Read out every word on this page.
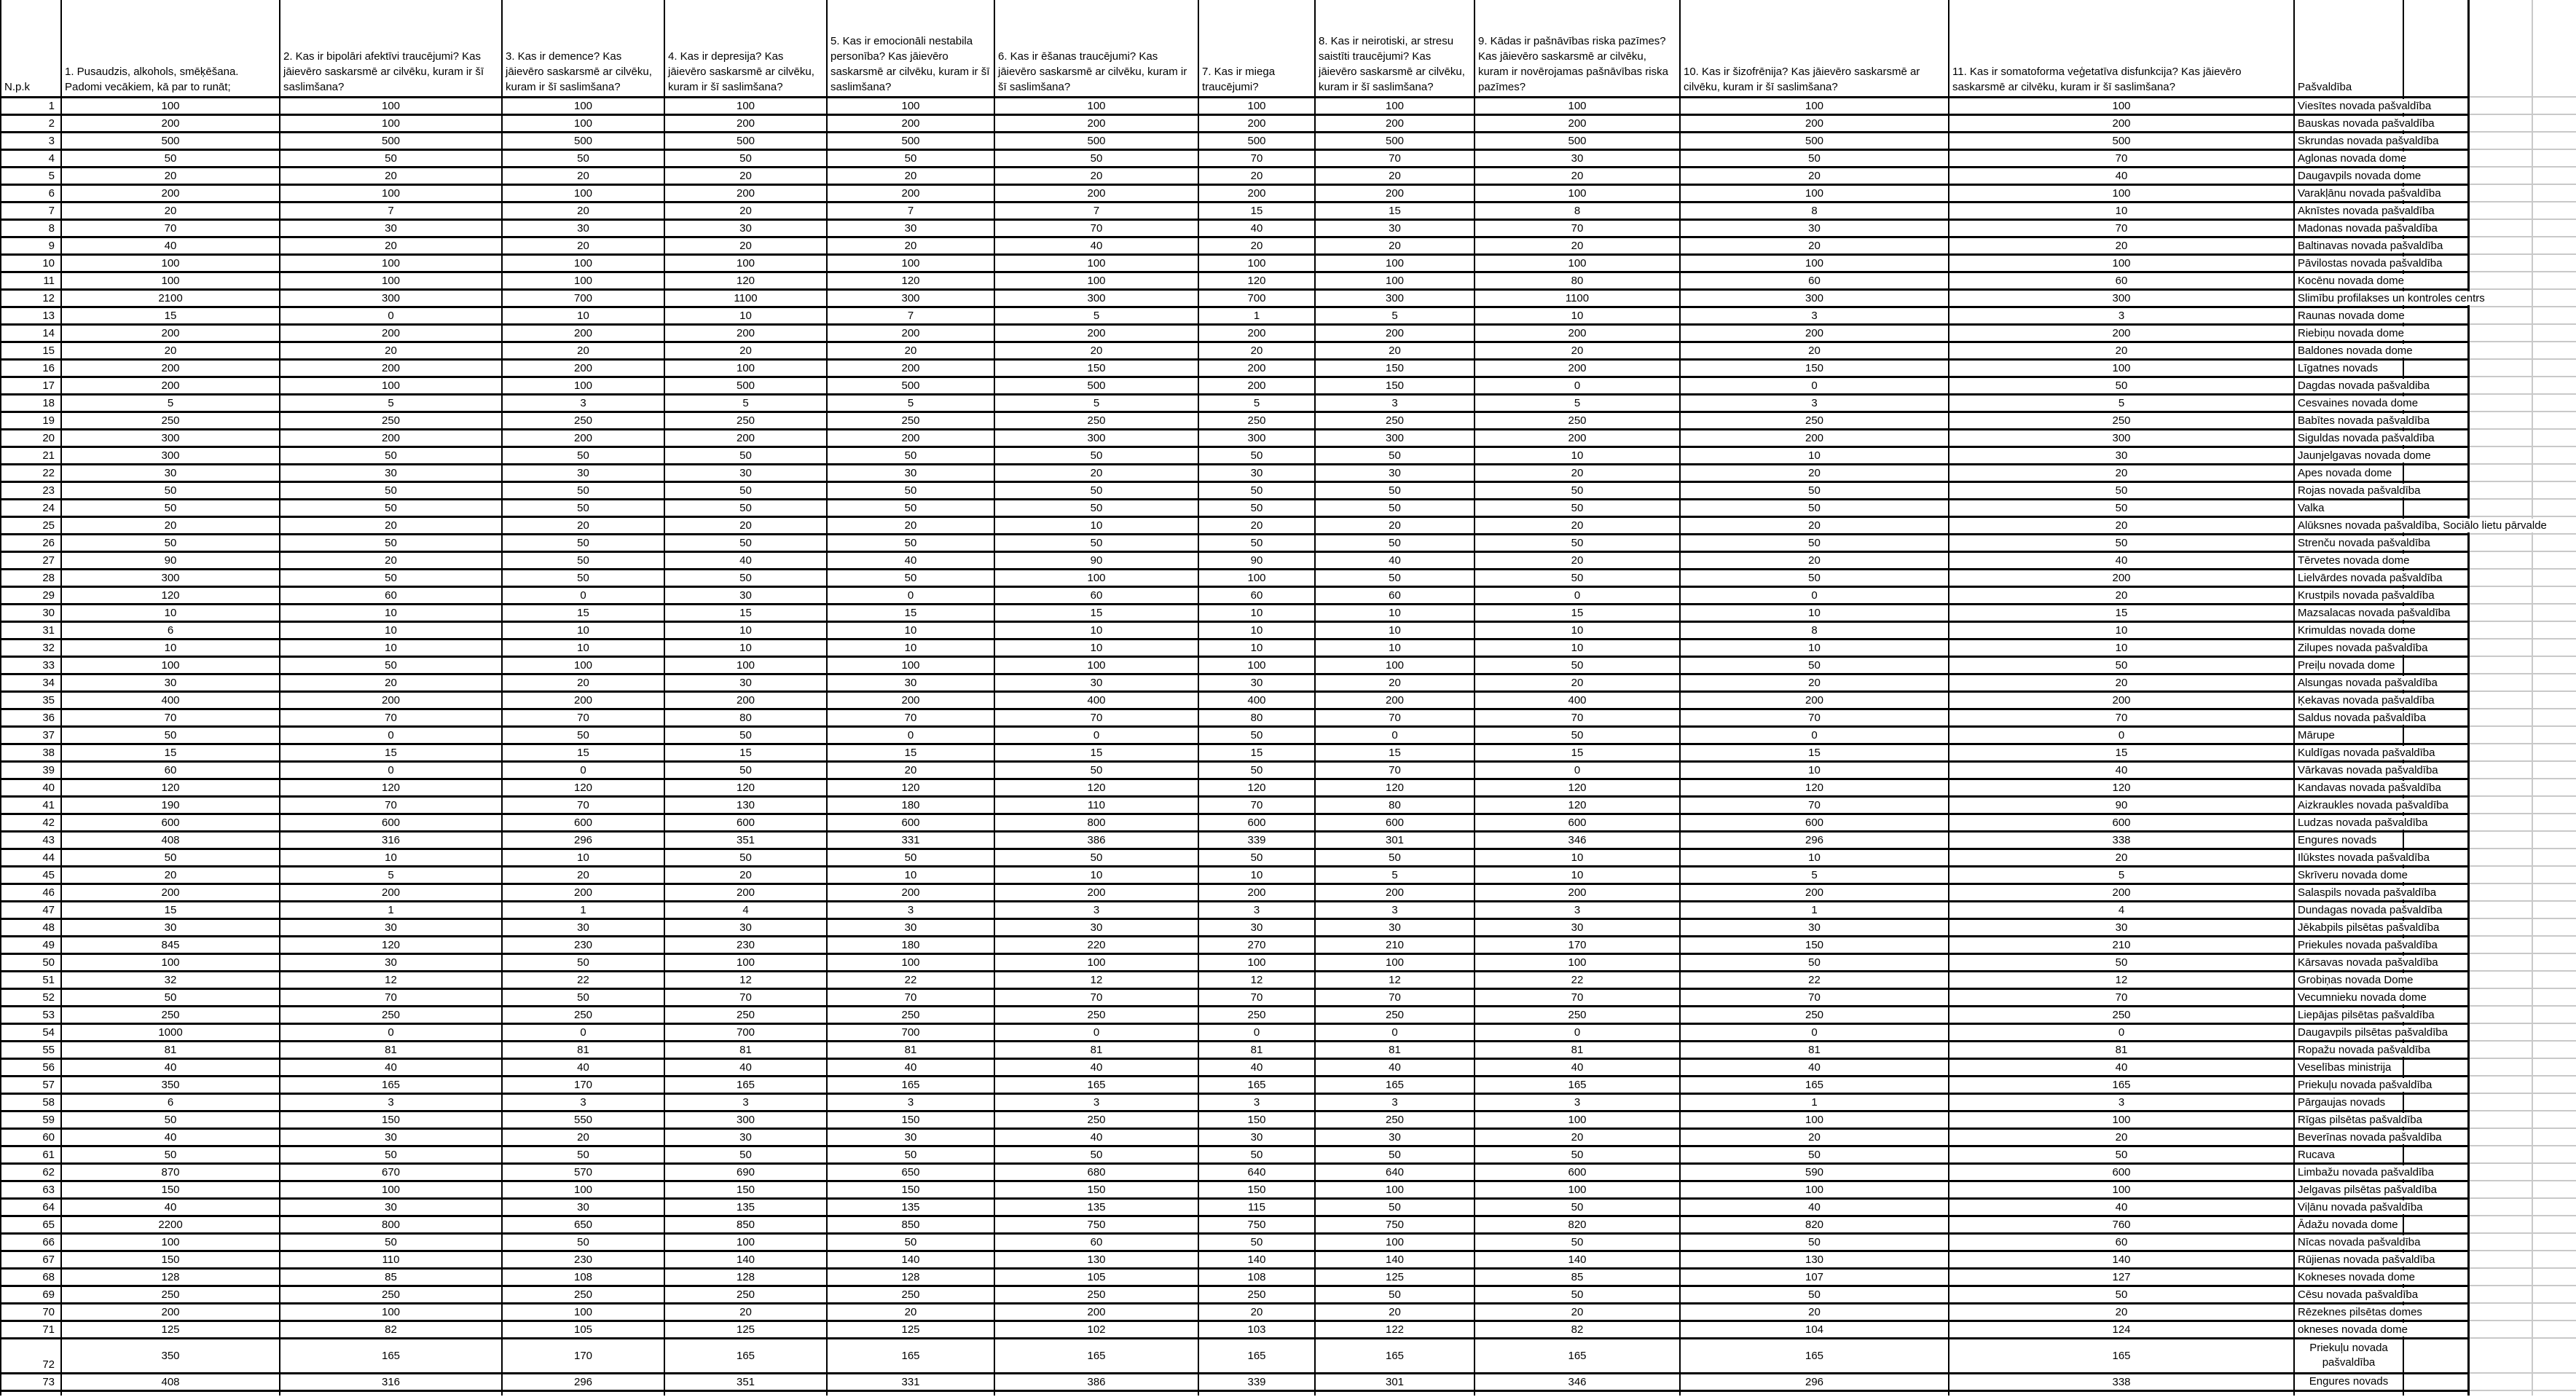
N.p.k	1. Pusaudzis, alkohols, smēķēšana. Padomi vecākiem, kā par to runāt;	2. Kas ir bipolāri afektīvi traucējumi? Kas jāievēro saskarsmē ar cilvēku, kuram ir šī saslimšana?	3. Kas ir demence? Kas jāievēro saskarsmē ar cilvēku, kuram ir šī saslimšana?	4. Kas ir depresija? Kas jāievēro saskarsmē ar cilvēku, kuram ir šī saslimšana?	5. Kas ir emocionāli nestabila personība? Kas jāievēro saskarsmē ar cilvēku, kuram ir šī saslimšana?	6. Kas ir ēšanas traucējumi? Kas jāievēro saskarsmē ar cilvēku, kuram ir šī saslimšana?	7. Kas ir miega traucējumi?	8. Kas ir neirotiski, ar stresu saistīti traucējumi? Kas jāievēro saskarsmē ar cilvēku, kuram ir šī saslimšana?	9. Kādas ir pašnāvības riska pazīmes? Kas jāievēro saskarsmē ar cilvēku, kuram ir novērojamas pašnāvības riska pazīmes?	10. Kas ir šizofrēnija? Kas jāievēro saskarsmē ar cilvēku, kuram ir šī saslimšana?	11. Kas ir somatoforma veģetatīva disfunkcija? Kas jāievēro saskarsmē ar cilvēku, kuram ir šī saslimšana?	Pašvaldība			
1	100	100	100	100	100	100	100	100	100	100	100	Viesītes novada pašvaldība			
2	200	100	100	200	200	200	200	200	200	200	200	Bauskas novada pašvaldība			
3	500	500	500	500	500	500	500	500	500	500	500	Skrundas novada pašvaldība			
4	50	50	50	50	50	50	70	70	30	50	70	Aglonas novada dome			
5	20	20	20	20	20	20	20	20	20	20	40	Daugavpils novada dome			
6	200	100	100	200	200	200	200	200	100	100	100	Varakļānu novada pašvaldība			
7	20	7	20	20	7	7	15	15	8	8	10	Aknīstes novada pašvaldība			
8	70	30	30	30	30	70	40	30	70	30	70	Madonas novada pašvaldība			
9	40	20	20	20	20	40	20	20	20	20	20	Baltinavas novada pašvaldība			
10	100	100	100	100	100	100	100	100	100	100	100	Pāvilostas novada pašvaldība			
11	100	100	100	120	120	100	120	100	80	60	60	Kocēnu novada dome			
12	2100	300	700	1100	300	300	700	300	1100	300	300	Slimību profilakses un kontroles centrs			
13	15	0	10	10	7	5	1	5	10	3	3	Raunas novada dome			
14	200	200	200	200	200	200	200	200	200	200	200	Riebiņu novada dome			
15	20	20	20	20	20	20	20	20	20	20	20	Baldones novada dome			
16	200	200	200	100	200	150	200	150	200	150	100	Līgatnes novads			
17	200	100	100	500	500	500	200	150	0	0	50	Dagdas novada pašvaldiba			
18	5	5	3	5	5	5	5	3	5	3	5	Cesvaines novada dome			
19	250	250	250	250	250	250	250	250	250	250	250	Babītes novada pašvaldība			
20	300	200	200	200	200	300	300	300	200	200	300	Siguldas novada pašvaldība			
21	300	50	50	50	50	50	50	50	10	10	30	Jaunjelgavas novada dome			
22	30	30	30	30	30	20	30	30	20	20	20	Apes novada dome			
23	50	50	50	50	50	50	50	50	50	50	50	Rojas novada pašvaldība			
24	50	50	50	50	50	50	50	50	50	50	50	Valka			
25	20	20	20	20	20	10	20	20	20	20	20	Alūksnes novada pašvaldība, Sociālo lietu pārvalde			
26	50	50	50	50	50	50	50	50	50	50	50	Strenču novada pašvaldība			
27	90	20	50	40	40	90	90	40	20	20	40	Tērvetes novada dome			
28	300	50	50	50	50	100	100	50	50	50	200	Lielvārdes novada pašvaldība			
29	120	60	0	30	0	60	60	60	0	0	20	Krustpils novada pašvaldība			
30	10	10	15	15	15	15	10	10	15	10	15	Mazsalacas novada pašvaldība			
31	6	10	10	10	10	10	10	10	10	8	10	Krimuldas novada dome			
32	10	10	10	10	10	10	10	10	10	10	10	Zilupes novada pašvaldība			
33	100	50	100	100	100	100	100	100	50	50	50	Preiļu novada dome			
34	30	20	20	30	30	30	30	20	20	20	20	Alsungas novada pašvaldība			
35	400	200	200	200	200	400	400	200	400	200	200	Ķekavas novada pašvaldība			
36	70	70	70	80	70	70	80	70	70	70	70	Saldus novada pašvaldība			
37	50	0	50	50	0	0	50	0	50	0	0	Mārupe			
38	15	15	15	15	15	15	15	15	15	15	15	Kuldīgas novada pašvaldība			
39	60	0	0	50	20	50	50	70	0	10	40	Vārkavas novada pašvaldība			
40	120	120	120	120	120	120	120	120	120	120	120	Kandavas novada pašvaldība			
41	190	70	70	130	180	110	70	80	120	70	90	Aizkraukles novada pašvaldība			
42	600	600	600	600	600	800	600	600	600	600	600	Ludzas novada pašvaldība			
43	408	316	296	351	331	386	339	301	346	296	338	Engures novads			
44	50	10	10	50	50	50	50	50	10	10	20	Ilūkstes novada pašvaldība			
45	20	5	20	20	10	10	10	5	10	5	5	Skrīveru novada dome			
46	200	200	200	200	200	200	200	200	200	200	200	Salaspils novada pašvaldība			
47	15	1	1	4	3	3	3	3	3	1	4	Dundagas novada pašvaldība			
48	30	30	30	30	30	30	30	30	30	30	30	Jēkabpils pilsētas pašvaldība			
49	845	120	230	230	180	220	270	210	170	150	210	Priekules novada pašvaldība			
50	100	30	50	100	100	100	100	100	100	50	50	Kārsavas novada pašvaldība			
51	32	12	22	12	22	12	12	12	22	22	12	Grobiņas novada Dome			
52	50	70	50	70	70	70	70	70	70	70	70	Vecumnieku novada dome			
53	250	250	250	250	250	250	250	250	250	250	250	Liepājas pilsētas pašvaldība			
54	1000	0	0	700	700	0	0	0	0	0	0	Daugavpils pilsētas pašvaldība			
55	81	81	81	81	81	81	81	81	81	81	81	Ropažu novada pašvaldība			
56	40	40	40	40	40	40	40	40	40	40	40	Veselības ministrija			
57	350	165	170	165	165	165	165	165	165	165	165	Priekuļu novada pašvaldība			
58	6	3	3	3	3	3	3	3	3	1	3	Pārgaujas novads			
59	50	150	550	300	150	250	150	250	100	100	100	Rīgas pilsētas pašvaldība			
60	40	30	20	30	30	40	30	30	20	20	20	Beverīnas novada pašvaldība			
61	50	50	50	50	50	50	50	50	50	50	50	Rucava			
62	870	670	570	690	650	680	640	640	600	590	600	Limbažu novada pašvaldība			
63	150	100	100	150	150	150	150	100	100	100	100	Jelgavas pilsētas pašvaldība			
64	40	30	30	135	135	135	115	50	50	40	40	Viļānu novada pašvaldība			
65	2200	800	650	850	850	750	750	750	820	820	760	Ādažu novada dome			
66	100	50	50	100	50	60	50	100	50	50	60	Nīcas novada pašvaldība			
67	150	110	230	140	140	130	140	140	140	130	140	Rūjienas novada pašvaldība			
68	128	85	108	128	128	105	108	125	85	107	127	Kokneses novada dome			
69	250	250	250	250	250	250	250	50	50	50	50	Cēsu novada pašvaldība			
70	200	100	100	20	20	200	20	20	20	20	20	Rēzeknes pilsētas domes			
71	125	82	105	125	125	102	103	122	82	104	124	okneses novada dome			
72	350	165	170	165	165	165	165	165	165	165	165	Priekuļu novada pašvaldība			
73	408	316	296	351	331	386	339	301	346	296	338	Engures novads			
